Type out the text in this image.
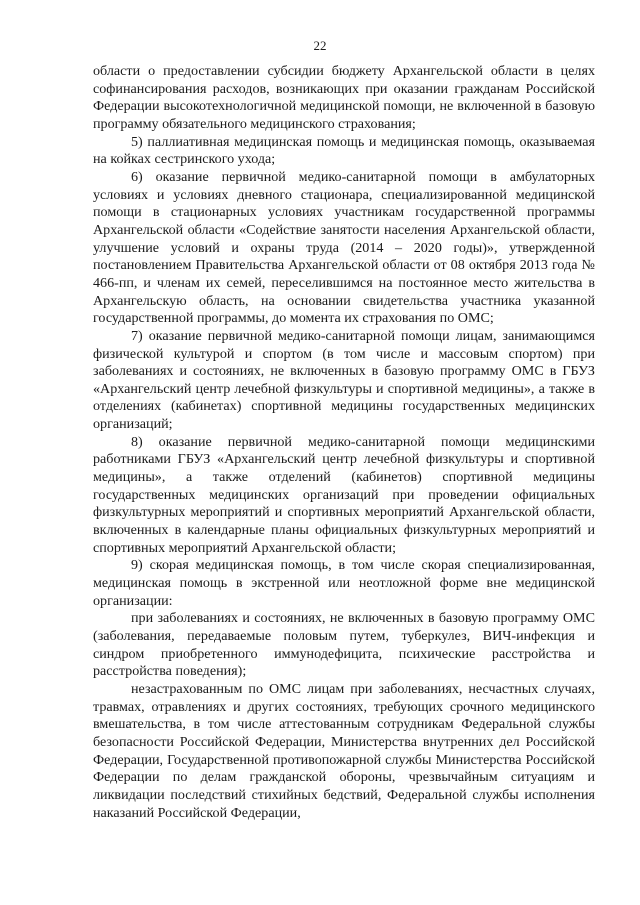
22

области о предоставлении субсидии бюджету Архангельской области в целях софинансирования расходов, возникающих при оказании гражданам Российской Федерации высокотехнологичной медицинской помощи, не включенной в базовую программу обязательного медицинского страхования;

5) паллиативная медицинская помощь и медицинская помощь, оказываемая на койках сестринского ухода;

6) оказание первичной медико-санитарной помощи в амбулаторных условиях и условиях дневного стационара, специализированной медицинской помощи в стационарных условиях участникам государственной программы Архангельской области «Содействие занятости населения Архангельской области, улучшение условий и охраны труда (2014 – 2020 годы)», утвержденной постановлением Правительства Архангельской области от 08 октября 2013 года № 466-пп, и членам их семей, переселившимся на постоянное место жительства в Архангельскую область, на основании свидетельства участника указанной государственной программы, до момента их страхования по ОМС;

7) оказание первичной медико-санитарной помощи лицам, занимающимся физической культурой и спортом (в том числе и массовым спортом) при заболеваниях и состояниях, не включенных в базовую программу ОМС в ГБУЗ «Архангельский центр лечебной физкультуры и спортивной медицины», а также в отделениях (кабинетах) спортивной медицины государственных медицинских организаций;

8) оказание первичной медико-санитарной помощи медицинскими работниками ГБУЗ «Архангельский центр лечебной физкультуры и спортивной медицины», а также отделений (кабинетов) спортивной медицины государственных медицинских организаций при проведении официальных физкультурных мероприятий и спортивных мероприятий Архангельской области, включенных в календарные планы официальных физкультурных мероприятий и спортивных мероприятий Архангельской области;

9) скорая медицинская помощь, в том числе скорая специализированная, медицинская помощь в экстренной или неотложной форме вне медицинской организации:

при заболеваниях и состояниях, не включенных в базовую программу ОМС (заболевания, передаваемые половым путем, туберкулез, ВИЧ-инфекция и синдром приобретенного иммунодефицита, психические расстройства и расстройства поведения);

незастрахованным по ОМС лицам при заболеваниях, несчастных случаях, травмах, отравлениях и других состояниях, требующих срочного медицинского вмешательства, в том числе аттестованным сотрудникам Федеральной службы безопасности Российской Федерации, Министерства внутренних дел Российской Федерации, Государственной противопожарной службы Министерства Российской Федерации по делам гражданской обороны, чрезвычайным ситуациям и ликвидации последствий стихийных бедствий, Федеральной службы исполнения наказаний Российской Федерации,
